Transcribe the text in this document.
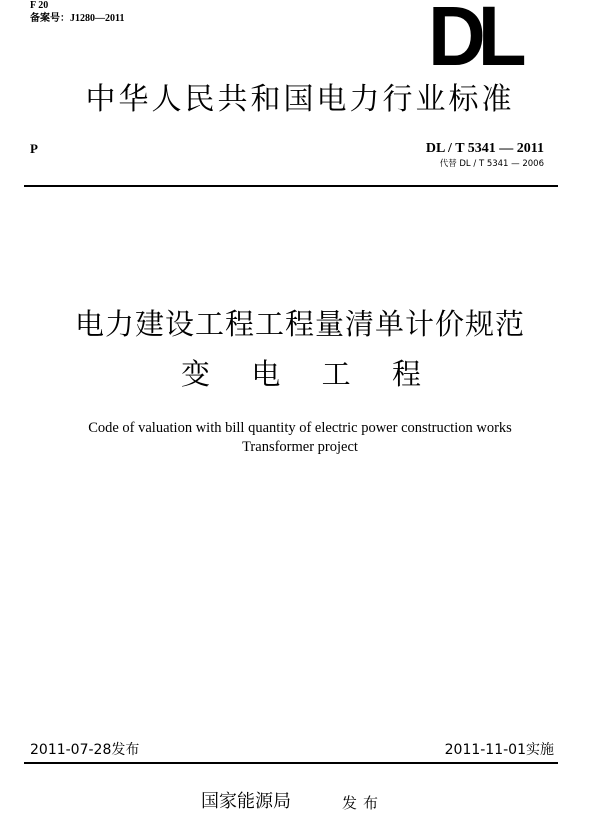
F 20
备案号：J1280—2011	DL
中华人民共和国电力行业标准
P	DL / T 5341 — 2011
代替 DL / T 5341 — 2006
电力建设工程工程量清单计价规范
变 电 工 程
Code of valuation with bill quantity of electric power construction works
Transformer project
2011-07-28发布	2011-11-01实施
国家能源局	发布
